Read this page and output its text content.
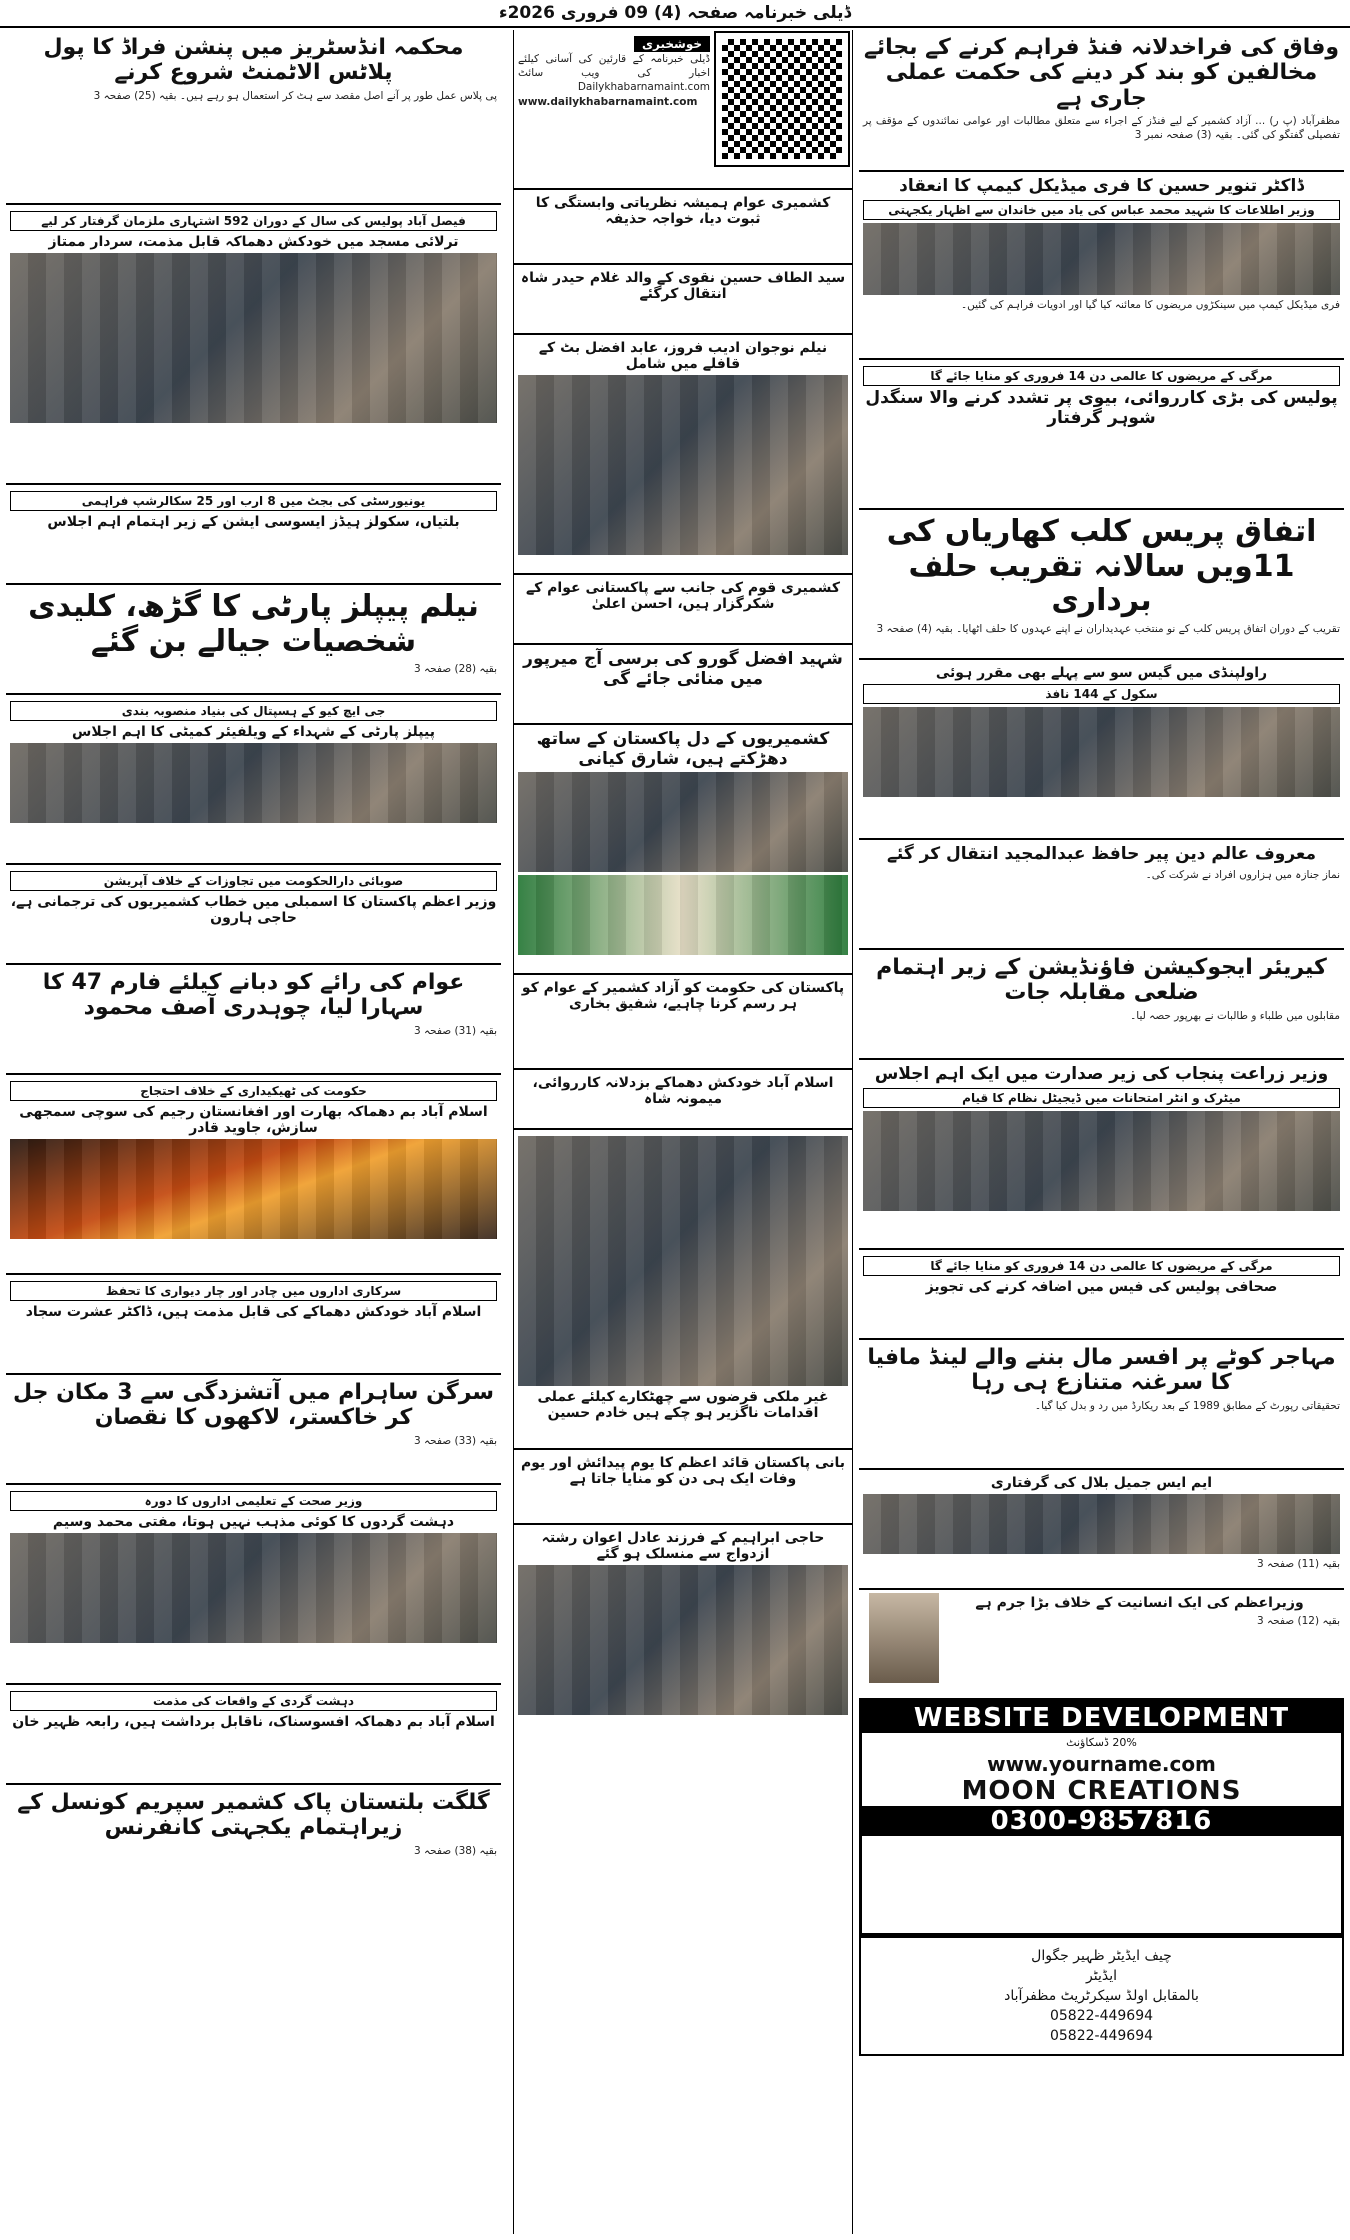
ڈیلی خبرنامہ صفحہ (4) 09 فروری 2026ء
وفاق کی فراخدلانہ فنڈ فراہم کرنے کے بجائے مخالفین کو بند کر دینے کی حکمت عملی جاری ہے
مظفرآباد (پ ر) ... آزاد کشمیر کے لیے فنڈز کے اجراء سے متعلق مطالبات اور عوامی نمائندوں کے مؤقف پر تفصیلی گفتگو کی گئی۔ بقیہ (3) صفحہ نمبر 3
ڈاکٹر تنویر حسین کا فری میڈیکل کیمپ کا انعقاد
وزیر اطلاعات کا شہید محمد عباس کی یاد میں خاندان سے اظہار یکجہتی
فری میڈیکل کیمپ میں سینکڑوں مریضوں کا معائنہ کیا گیا اور ادویات فراہم کی گئیں۔
مرگی کے مریضوں کا عالمی دن 14 فروری کو منایا جائے گا
پولیس کی بڑی کارروائی، بیوی پر تشدد کرنے والا سنگدل شوہر گرفتار
اتفاق پریس کلب کھاریاں کی 11ویں سالانہ تقریب حلف برداری
تقریب کے دوران اتفاق پریس کلب کے نو منتخب عہدیداران نے اپنے عہدوں کا حلف اٹھایا۔ بقیہ (4) صفحہ 3
راولپنڈی میں گیس سو سے پہلے بھی مقرر ہوئی
سکول کے 144 نافذ
معروف عالم دین پیر حافظ عبدالمجید انتقال کر گئے
نماز جنازہ میں ہزاروں افراد نے شرکت کی۔
کیریئر ایجوکیشن فاؤنڈیشن کے زیر اہتمام ضلعی مقابلہ جات
مقابلوں میں طلباء و طالبات نے بھرپور حصہ لیا۔
وزیر زراعت پنجاب کی زیر صدارت میں ایک اہم اجلاس
میٹرک و انٹر امتحانات میں ڈیجیٹل نظام کا قیام
مرگی کے مریضوں کا عالمی دن 14 فروری کو منایا جائے گا
صحافی پولیس کی فیس میں اضافہ کرنے کی تجویز
مہاجر کوٹے پر افسر مال بننے والے لینڈ مافیا کا سرغنہ متنازع ہی رہا
تحقیقاتی رپورٹ کے مطابق 1989 کے بعد ریکارڈ میں رد و بدل کیا گیا۔
ایم ایس جمیل بلال کی گرفتاری
بقیہ (11) صفحہ 3
وزیراعظم کی ایک انسانیت کے خلاف بڑا جرم ہے
بقیہ (12) صفحہ 3
WEBSITE DEVELOPMENT
20% ڈسکاؤنٹ
www.yourname.com
MOON CREATIONS
0300-9857816
چیف ایڈیٹر ظہیر جگوال
ایڈیٹر
بالمقابل اولڈ سیکرٹریٹ مظفرآباد
05822-449694
05822-449694
خوشخبری
ڈیلی خبرنامہ کے قارئین کی آسانی کیلئے اخبار کی ویب سائٹ Dailykhabarnamaint.com
www.dailykhabarnamaint.com
کشمیری عوام ہمیشہ نظریاتی وابستگی کا ثبوت دیا، خواجہ حذیفہ
سید الطاف حسین نقوی کے والد غلام حیدر شاہ انتقال کرگئے
نیلم نوجوان ادیب فروز، عابد افضل بٹ کے قافلے میں شامل
کشمیری قوم کی جانب سے پاکستانی عوام کے شکرگزار ہیں، احسن اعلیٰ
شہید افضل گورو کی برسی آج میرپور میں منائی جائے گی
کشمیریوں کے دل پاکستان کے ساتھ دھڑکتے ہیں، شارق کیانی
پاکستان کی حکومت کو آزاد کشمیر کے عوام کو ہر رسم کرنا چاہیے، شفیق بخاری
اسلام آباد خودکش دھماکے بزدلانہ کارروائی، میمونہ شاہ
غیر ملکی قرضوں سے چھٹکارے کیلئے عملی اقدامات ناگزیر ہو چکے ہیں خادم حسین
بانی پاکستان قائد اعظم کا یوم پیدائش اور یوم وفات ایک ہی دن کو منایا جاتا ہے
حاجی ابراہیم کے فرزند عادل اعوان رشتہ ازدواج سے منسلک ہو گئے
محکمہ انڈسٹریز میں پنشن فراڈ کا پول پلاٹس الاٹمنٹ شروع کرنے
پی پلاس عمل طور پر آنے اصل مقصد سے ہٹ کر استعمال ہو رہے ہیں۔ بقیہ (25) صفحہ 3
فیصل آباد پولیس کی سال کے دوران 592 اشتہاری ملزمان گرفتار کر لیے
ترلائی مسجد میں خودکش دھماکہ قابل مذمت، سردار ممتاز
یونیورسٹی کی بجٹ میں 8 ارب اور 25 سکالرشپ فراہمی
بلتیاں، سکولز ہیڈز ایسوسی ایشن کے زیر اہتمام اہم اجلاس
نیلم پیپلز پارٹی کا گڑھ، کلیدی شخصیات جیالے بن گئے
بقیہ (28) صفحہ 3
جی ایچ کیو کے ہسپتال کی بنیاد منصوبہ بندی
پیپلز پارٹی کے شہداء کے ویلفیئر کمیٹی کا اہم اجلاس
صوبائی دارالحکومت میں تجاوزات کے خلاف آپریشن
وزیر اعظم پاکستان کا اسمبلی میں خطاب کشمیریوں کی ترجمانی ہے، حاجی ہارون
عوام کی رائے کو دبانے کیلئے فارم 47 کا سہارا لیا، چوہدری آصف محمود
بقیہ (31) صفحہ 3
حکومت کی ٹھیکیداری کے خلاف احتجاج
اسلام آباد بم دھماکہ بھارت اور افغانستان رجیم کی سوچی سمجھی سازش، جاوید قادر
سرکاری اداروں میں چادر اور چار دیواری کا تحفظ
اسلام آباد خودکش دھماکے کی قابل مذمت ہیں، ڈاکٹر عشرت سجاد
سرگن ساہرام میں آتشزدگی سے 3 مکان جل کر خاکستر، لاکھوں کا نقصان
بقیہ (33) صفحہ 3
وزیر صحت کے تعلیمی اداروں کا دورہ
دہشت گردوں کا کوئی مذہب نہیں ہوتا، مفتی محمد وسیم
دہشت گردی کے واقعات کی مذمت
اسلام آباد بم دھماکہ افسوسناک، ناقابل برداشت ہیں، رابعہ ظہیر خان
گلگت بلتستان پاک کشمیر سپریم کونسل کے زیراہتمام یکجہتی کانفرنس
بقیہ (38) صفحہ 3
